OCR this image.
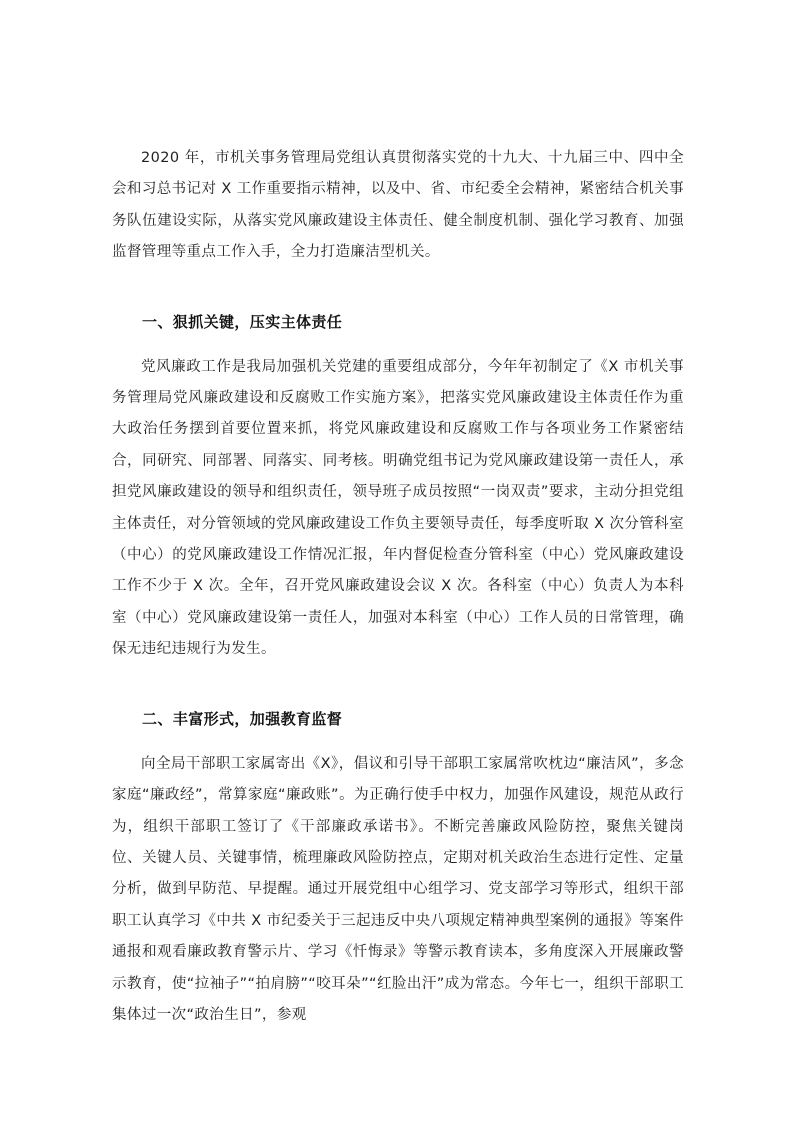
2020 年，市机关事务管理局党组认真贯彻落实党的十九大、十九届三中、四中全会和习总书记对 X 工作重要指示精神，以及中、省、市纪委全会精神，紧密结合机关事务队伍建设实际，从落实党风廉政建设主体责任、健全制度机制、强化学习教育、加强监督管理等重点工作入手，全力打造廉洁型机关。

一、狠抓关键，压实主体责任

党风廉政工作是我局加强机关党建的重要组成部分，今年年初制定了《X 市机关事务管理局党风廉政建设和反腐败工作实施方案》，把落实党风廉政建设主体责任作为重大政治任务摆到首要位置来抓，将党风廉政建设和反腐败工作与各项业务工作紧密结合，同研究、同部署、同落实、同考核。明确党组书记为党风廉政建设第一责任人，承担党风廉政建设的领导和组织责任，领导班子成员按照“一岗双责”要求，主动分担党组主体责任，对分管领域的党风廉政建设工作负主要领导责任，每季度听取 X 次分管科室（中心）的党风廉政建设工作情况汇报，年内督促检查分管科室（中心）党风廉政建设工作不少于 X 次。全年，召开党风廉政建设会议 X 次。各科室（中心）负责人为本科室（中心）党风廉政建设第一责任人，加强对本科室（中心）工作人员的日常管理，确保无违纪违规行为发生。

二、丰富形式，加强教育监督

向全局干部职工家属寄出《X》，倡议和引导干部职工家属常吹枕边“廉洁风”，多念家庭“廉政经”，常算家庭“廉政账”。为正确行使手中权力，加强作风建设，规范从政行为，组织干部职工签订了《干部廉政承诺书》。不断完善廉政风险防控，聚焦关键岗位、关键人员、关键事情，梳理廉政风险防控点，定期对机关政治生态进行定性、定量分析，做到早防范、早提醒。通过开展党组中心组学习、党支部学习等形式，组织干部职工认真学习《中共 X 市纪委关于三起违反中央八项规定精神典型案例的通报》等案件通报和观看廉政教育警示片、学习《忏悔录》等警示教育读本，多角度深入开展廉政警示教育，使“拉袖子”“拍肩膀”“咬耳朵”“红脸出汗”成为常态。今年七一，组织干部职工集体过一次“政治生日”，参观
